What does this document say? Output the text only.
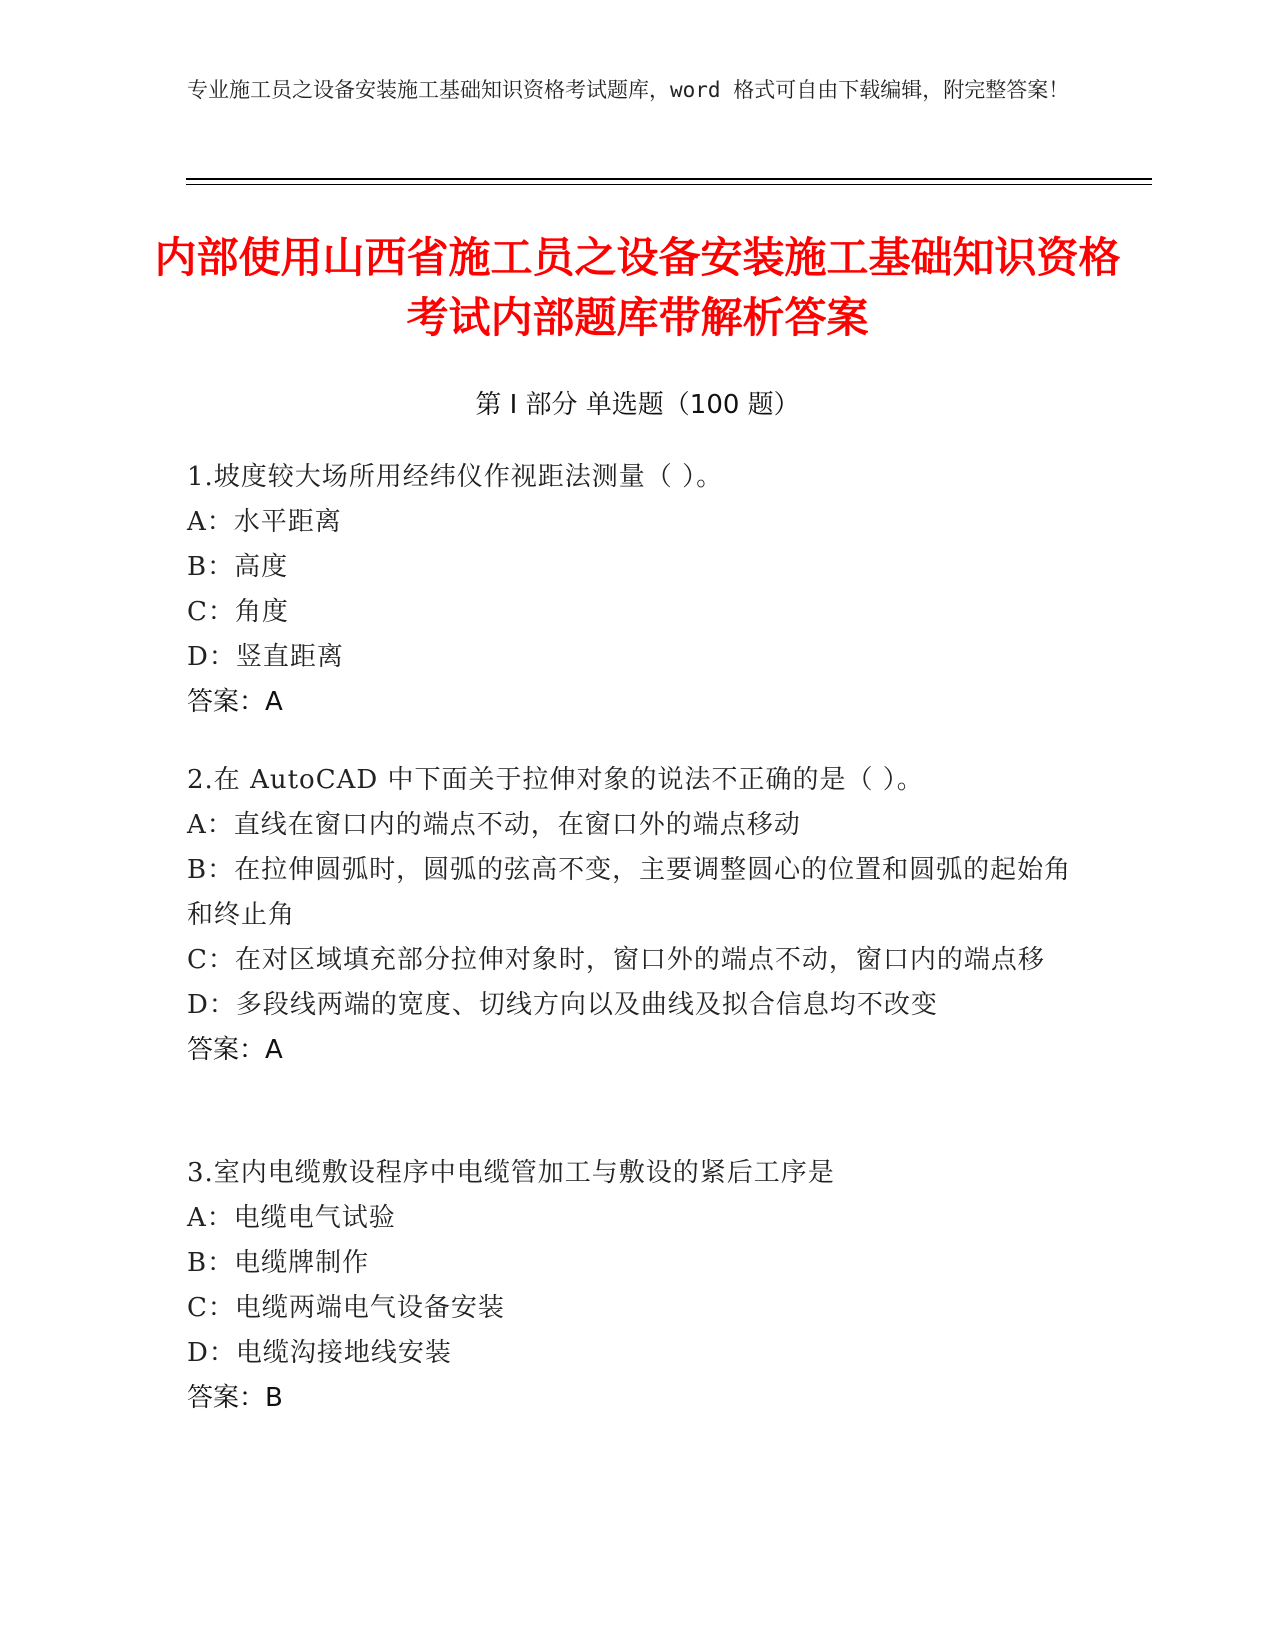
专业施工员之设备安装施工基础知识资格考试题库，word 格式可自由下载编辑，附完整答案！
内部使用山西省施工员之设备安装施工基础知识资格考试内部题库带解析答案
第 I 部分 单选题（100 题）

1.坡度较大场所用经纬仪作视距法测量（ ）。

A：水平距离

B：高度

C：角度

D：竖直距离

答案：A

2.在 AutoCAD 中下面关于拉伸对象的说法不正确的是（ ）。

A：直线在窗口内的端点不动，在窗口外的端点移动

B：在拉伸圆弧时，圆弧的弦高不变，主要调整圆心的位置和圆弧的起始角和终止角

C：在对区域填充部分拉伸对象时，窗口外的端点不动，窗口内的端点移

D：多段线两端的宽度、切线方向以及曲线及拟合信息均不改变

答案：A

3.室内电缆敷设程序中电缆管加工与敷设的紧后工序是

A：电缆电气试验

B：电缆牌制作

C：电缆两端电气设备安装

D：电缆沟接地线安装

答案：B
